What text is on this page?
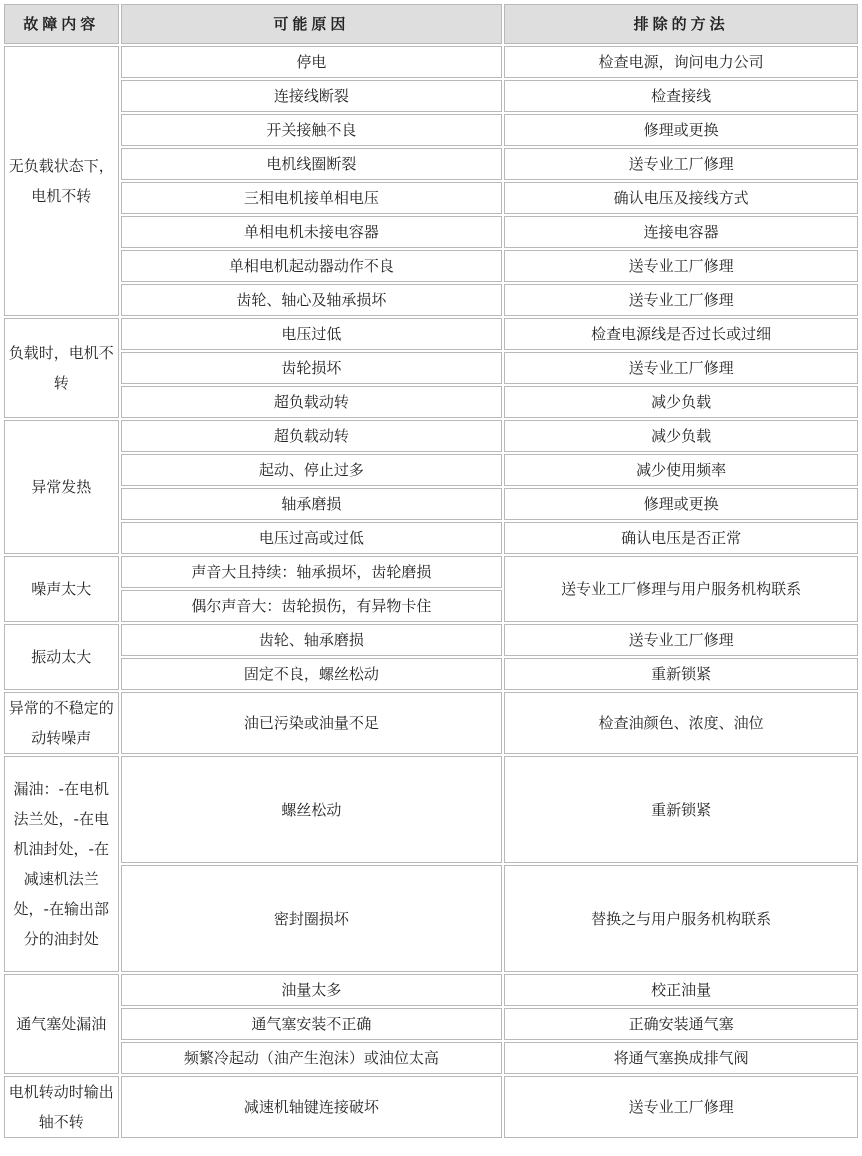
故障内容	可能原因	排除的方法
无负载状态下，电机不转	停电	检查电源，询问电力公司
	连接线断裂	检查接线
	开关接触不良	修理或更换
	电机线圈断裂	送专业工厂修理
	三相电机接单相电压	确认电压及接线方式
	单相电机未接电容器	连接电容器
	单相电机起动器动作不良	送专业工厂修理
	齿轮、轴心及轴承损坏	送专业工厂修理
负载时，电机不转	电压过低	检查电源线是否过长或过细
	齿轮损坏	送专业工厂修理
	超负载动转	减少负载
异常发热	超负载动转	减少负载
	起动、停止过多	减少使用频率
	轴承磨损	修理或更换
	电压过高或过低	确认电压是否正常
噪声太大	声音大且持续：轴承损坏，齿轮磨损	送专业工厂修理与用户服务机构联系
	偶尔声音大：齿轮损伤，有异物卡住	
振动太大	齿轮、轴承磨损	送专业工厂修理
	固定不良，螺丝松动	重新锁紧
异常的不稳定的动转噪声	油已污染或油量不足	检查油颜色、浓度、油位
漏油：-在电机法兰处，-在电机油封处，-在减速机法兰处，-在输出部分的油封处	螺丝松动	重新锁紧
	密封圈损坏	替换之与用户服务机构联系
通气塞处漏油	油量太多	校正油量
	通气塞安装不正确	正确安装通气塞
	频繁冷起动（油产生泡沫）或油位太高	将通气塞换成排气阀
电机转动时输出轴不转	减速机轴键连接破坏	送专业工厂修理
